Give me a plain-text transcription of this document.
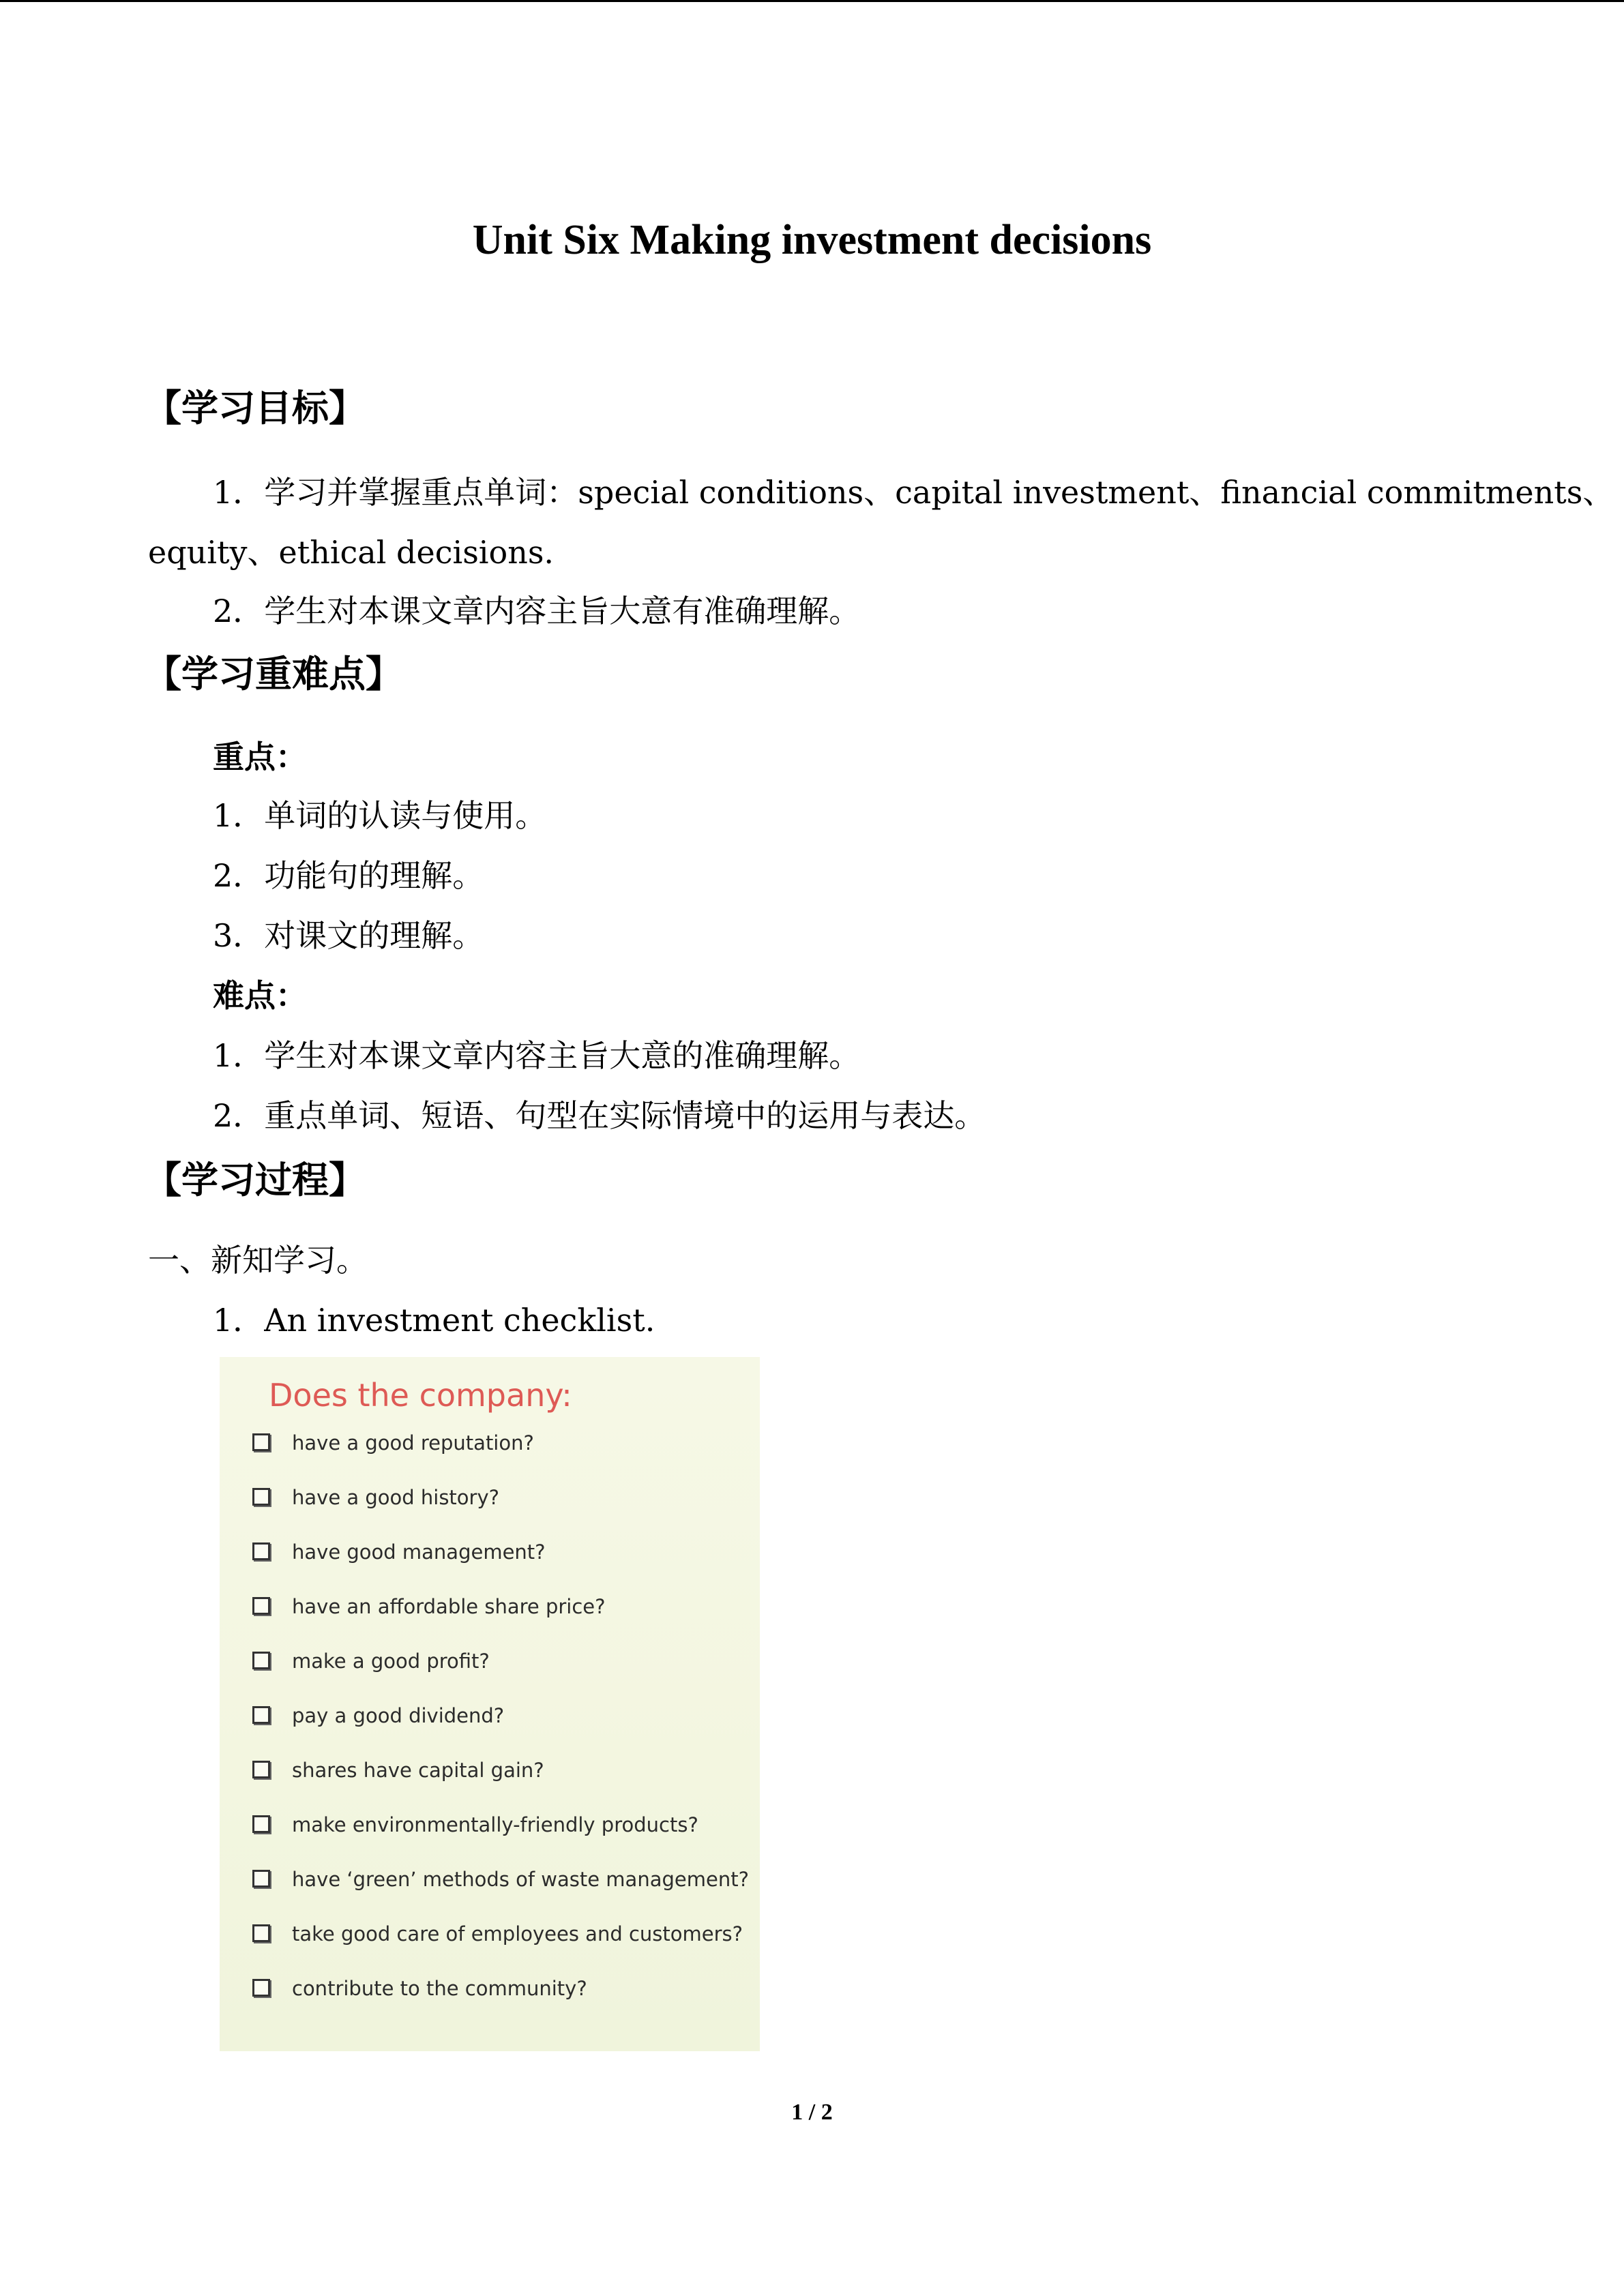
Unit Six Making investment decisions
【学习目标】
1．学习并掌握重点单词：special conditions、capital investment、financial commitments、
equity、ethical decisions.
2．学生对本课文章内容主旨大意有准确理解。
【学习重难点】
重点：
1．单词的认读与使用。
2．功能句的理解。
3．对课文的理解。
难点：
1．学生对本课文章内容主旨大意的准确理解。
2．重点单词、短语、句型在实际情境中的运用与表达。
【学习过程】
一、新知学习。
1．An investment checklist.
Does the company:
have a good reputation?
have a good history?
have good management?
have an affordable share price?
make a good profit?
pay a good dividend?
shares have capital gain?
make environmentally-friendly products?
have ‘green’ methods of waste management?
take good care of employees and customers?
contribute to the community?
1 / 2
